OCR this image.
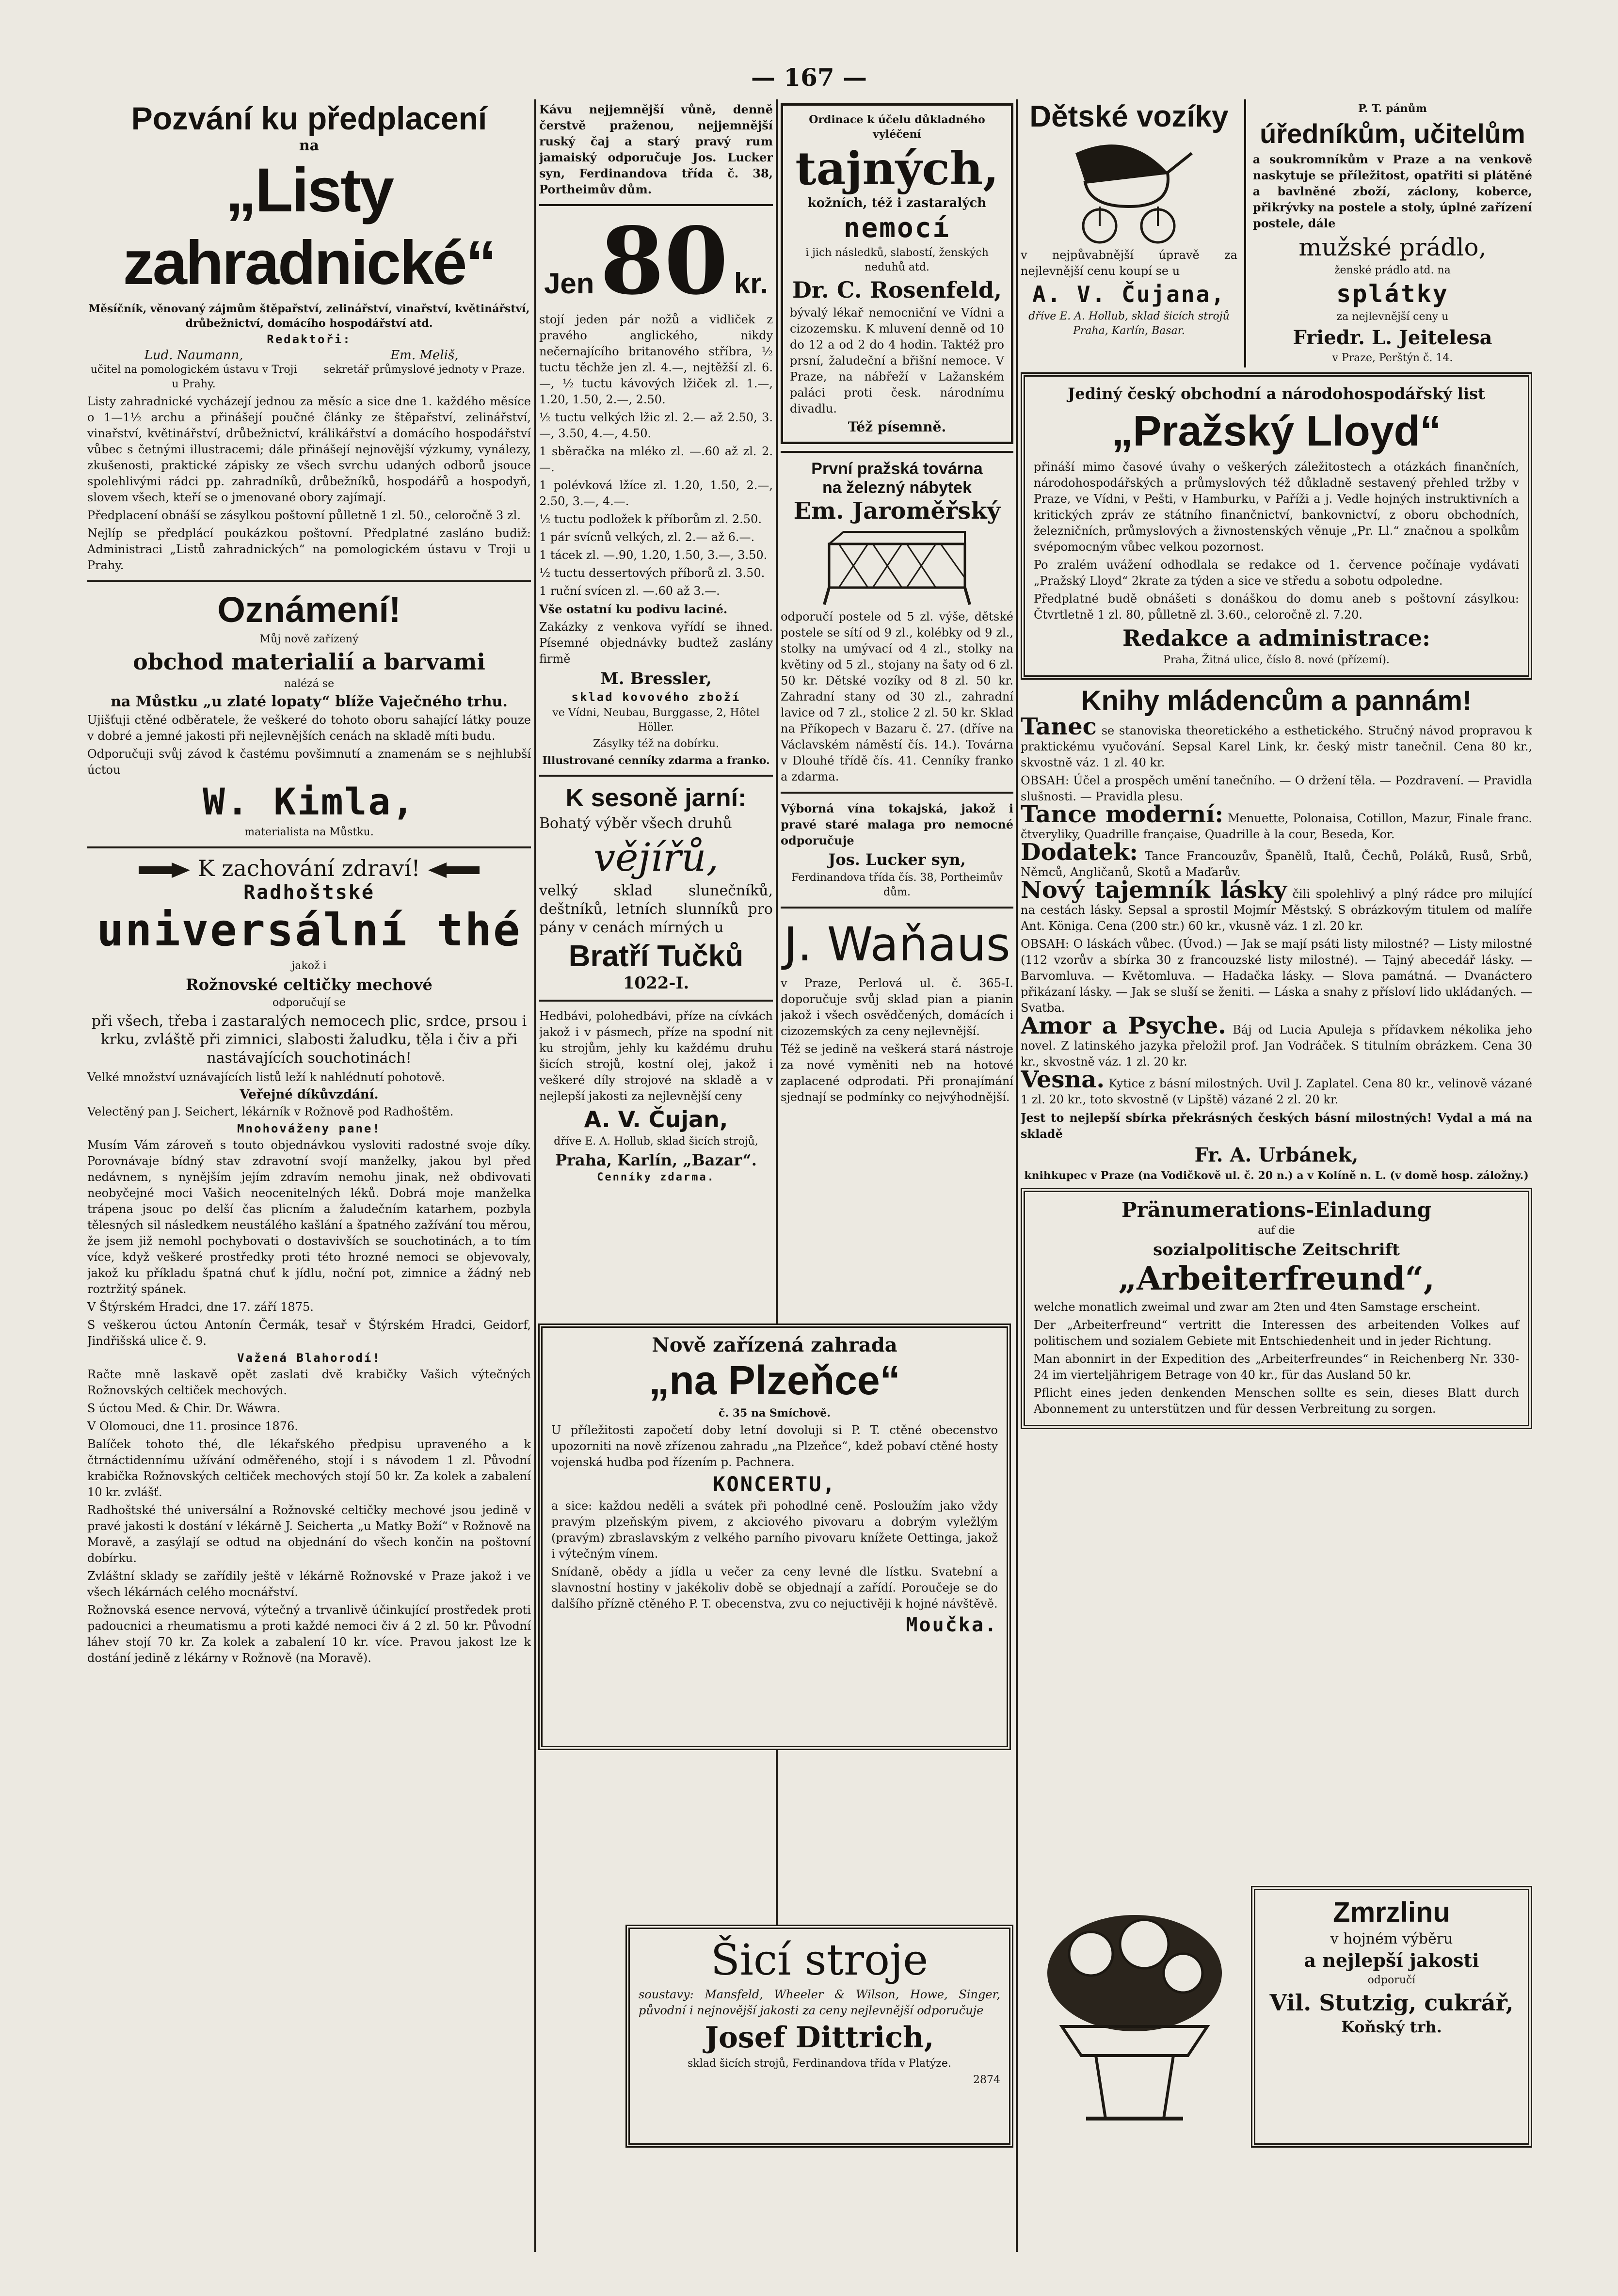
— 167 —
Pozvání ku předplacení
na
„Listy zahradnické“

Měsíčník, věnovaný zájmům štěpařství, zelinářství, vinařství, květinářství, drůbežnictví, domácího hospodářství atd.

Redaktoři:

Lud. Naumann,
učitel na pomologickém ústavu v Troji u Prahy.
Em. Meliš,
sekretář průmyslové jednoty v Praze.

Listy zahradnické vycházejí jednou za měsíc a sice dne 1. každého měsíce o 1—1½ archu a přinášejí poučné články ze štěpařství, zelinářství, vinařství, květinářství, drůbežnictví, králikářství a domácího hospodářství vůbec s četnými illustracemi; dále přinášejí nejnovější výzkumy, vynálezy, zkušenosti, praktické zápisky ze všech svrchu udaných odborů jsouce spolehlivými rádci pp. zahradníků, drůbežníků, hospodářů a hospodyň, slovem všech, kteří se o jmenované obory zajímají.

Předplacení obnáší se zásylkou poštovní půlletně 1 zl. 50., celoročně 3 zl.

Nejlíp se předplácí poukázkou poštovní. Předplatné zasláno budiž: Administraci „Listů zahradnických“ na pomologickém ústavu v Troji u Prahy.

Oznámení!

Můj nově zařízený

obchod materialií a barvami

nalézá se

na Můstku „u zlaté lopaty“ blíže Vaječného trhu.

Ujišťuji ctěné odběratele, že veškeré do tohoto oboru sahající látky pouze v dobré a jemné jakosti při nejlevnějších cenách na skladě míti budu.

Odporučuji svůj závod k častému povšimnutí a znamenám se s nejhlubší úctou

W. Kimla,

materialista na Můstku.

K zachování zdraví!
Radhoštské
universální thé

jakož i

Rožnovské celtičky mechové

odporučují se

při všech, třeba i zastaralých nemocech plic, srdce, prsou i krku, zvláště při zimnici, slabosti žaludku, těla i čiv a při nastávajících souchotinách!

Velké množství uznávajících listů leží k nahlédnutí pohotově.

Veřejné díkůvzdání.

Velectěný pan J. Seichert, lékárník v Rožnově pod Radhoštěm.

Mnohováženy pane!

Musím Vám zároveň s touto objednávkou vysloviti radostné svoje díky. Porovnávaje bídný stav zdravotní svojí manželky, jakou byl před nedávnem, s nynějším jejím zdravím nemohu jinak, než obdivovati neobyčejné moci Vašich neocenitelných léků. Dobrá moje manželka trápena jsouc po delší čas plicním a žaludečním katarhem, pozbyla tělesných sil následkem neustálého kašlání a špatného zažívání tou měrou, že jsem již nemohl pochybovati o dostavivších se souchotinách, a to tím více, když veškeré prostředky proti této hrozné nemoci se objevovaly, jakož ku příkladu špatná chuť k jídlu, noční pot, zimnice a žádný neb roztržitý spánek.

V Štýrském Hradci, dne 17. září 1875.

S veškerou úctou Antonín Čermák, tesař v Štýrském Hradci, Geidorf, Jindřišská ulice č. 9.

Važená Blahorodí!

Račte mně laskavě opět zaslati dvě krabičky Vašich výtečných Rožnovských celtiček mechových.

S úctou Med. & Chir. Dr. Wáwra.

V Olomouci, dne 11. prosince 1876.

Balíček tohoto thé, dle lékařského předpisu upraveného a k čtrnáctidennímu užívání odměřeného, stojí i s návodem 1 zl. Původní krabička Rožnovských celtiček mechových stojí 50 kr. Za kolek a zabalení 10 kr. zvlášť.

Radhoštské thé universální a Rožnovské celtičky mechové jsou jedině v pravé jakosti k dostání v lékárně J. Seicherta „u Matky Boží“ v Rožnově na Moravě, a zasýlají se odtud na objednání do všech končin na poštovní dobírku.

Zvláštní sklady se zařídily ještě v lékárně Rožnovské v Praze jakož i ve všech lékárnách celého mocnářství.

Rožnovská esence nervová, výtečný a trvanlivě účinkující prostředek proti padoucnici a rheumatismu a proti každé nemoci čiv á 2 zl. 50 kr. Původní láhev stojí 70 kr. Za kolek a zabalení 10 kr. více. Pravou jakost lze k dostání jedině z lékárny v Rožnově (na Moravě).

Kávu nejjemnější vůně, denně čerstvě praženou, nejjemnější ruský čaj a starý pravý rum jamaiský odporučuje Jos. Lucker syn, Ferdinandova třída č. 38, Portheimův dům.

Jen 80 kr.

stojí jeden pár nožů a vidliček z pravého anglického, nikdy nečernajícího britanového stříbra, ½ tuctu těchže jen zl. 4.—, nejtěžší zl. 6.—, ½ tuctu kávových lžiček zl. 1.—, 1.20, 1.50, 2.—, 2.50.

½ tuctu velkých lžic zl. 2.— až 2.50, 3.—, 3.50, 4.—, 4.50.

1 sběračka na mléko zl. —.60 až zl. 2.—.

1 polévková lžíce zl. 1.20, 1.50, 2.—, 2.50, 3.—, 4.—.

½ tuctu podložek k příborům zl. 2.50.

1 pár svícnů velkých, zl. 2.— až 6.—.

1 tácek zl. —.90, 1.20, 1.50, 3.—, 3.50.

½ tuctu dessertových příborů zl. 3.50.

1 ruční svícen zl. —.60 až 3.—.

Vše ostatní ku podivu laciné.

Zakázky z venkova vyřídí se ihned. Písemné objednávky budtež zaslány firmě

M. Bressler,

sklad kovového zboží

ve Vídni, Neubau, Burggasse, 2, Hôtel Höller.

Zásylky též na dobírku.

Illustrované cenníky zdarma a franko.

K sesoně jarní:

Bohatý výběr všech druhů

vějířů,

velký sklad slunečníků, deštníků, letních slunníků pro pány v cenách mírných u

Bratří Tučků
1022-I.

Hedbávi, polohedbávi, příze na cívkách jakož i v pásmech, příze na spodní nit ku strojům, jehly ku každému druhu šicích strojů, kostní olej, jakož i veškeré díly strojové na skladě a v nejlepší jakosti za nejlevnější ceny

A. V. Čujan,

dříve E. A. Hollub, sklad šicích strojů,

Praha, Karlín, „Bazar“.

Cenníky zdarma.

Ordinace k účelu důkladného vyléčení

tajných,

kožních, též i zastaralých

nemocí

i jich následků, slabostí, ženských neduhů atd.

Dr. C. Rosenfeld,

bývalý lékař nemocniční ve Vídni a cizozemsku. K mluvení denně od 10 do 12 a od 2 do 4 hodin. Taktéž pro prsní, žaludeční a břišní nemoce. V Praze, na nábřeží v Lažanském paláci proti česk. národnímu divadlu.

Též písemně.

První pražská továrna
na železný nábytek
Em. Jaroměřský

odporučí postele od 5 zl. výše, dětské postele se sítí od 9 zl., kolébky od 9 zl., stolky na umývací od 4 zl., stolky na květiny od 5 zl., stojany na šaty od 6 zl. 50 kr. Dětské vozíky od 8 zl. 50 kr. Zahradní stany od 30 zl., zahradní lavice od 7 zl., stolice 2 zl. 50 kr. Sklad na Příkopech v Bazaru č. 27. (dříve na Václavském náměstí čís. 14.). Továrna v Dlouhé třídě čís. 41. Cenníky franko a zdarma.

Výborná vína tokajská, jakož i pravé staré malaga pro nemocné odporučuje

Jos. Lucker syn,

Ferdinandova třída čís. 38, Portheimův dům.

J. Waňaus

v Praze, Perlová ul. č. 365-I. doporučuje svůj sklad pian a pianin jakož i všech osvědčených, domácích i cizozemských za ceny nejlevnější.

Též se jedině na veškerá stará nástroje za nové vyměniti neb na hotové zaplacené odprodati. Při pronajímání sjednají se podmínky co nejvýhodnější.

Dětské vozíky

v nejpůvabnější úpravě za nejlevnější cenu koupí se u

A. V. Čujana,

dříve E. A. Hollub, sklad šicích strojů Praha, Karlín, Basar.

P. T. pánům

úředníkům, učitelům

a soukromníkům v Praze a na venkově naskytuje se příležitost, opatřiti si plátěné a bavlněné zboží, záclony, koberce, přikrývky na postele a stoly, úplné zařízení postele, dále

mužské prádlo,

ženské prádlo atd. na

splátky

za nejlevnější ceny u

Friedr. L. Jeitelesa

v Praze, Perštýn č. 14.

Jediný český obchodní a národohospodářský list

„Pražský Lloyd“

přináší mimo časové úvahy o veškerých záležitostech a otázkách finančních, národohospodářských a průmyslových též důkladně sestavený přehled tržby v Praze, ve Vídni, v Pešti, v Hamburku, v Paříži a j. Vedle hojných instruktivních a kritických zpráv ze státního finančnictví, bankovnictví, z oboru obchodních, železničních, průmyslových a živnostenských věnuje „Pr. Ll.“ značnou a spolkům svépomocným vůbec velkou pozornost.

Po zralém uvážení odhodlala se redakce od 1. července počínaje vydávati „Pražský Lloyd“ 2krate za týden a sice ve středu a sobotu odpoledne.

Předplatné budě obnášeti s donáškou do domu aneb s poštovní zásylkou: Čtvrtletně 1 zl. 80, půlletně zl. 3.60., celoročně zl. 7.20.

Redakce a administrace:

Praha, Žitná ulice, číslo 8. nové (přízemí).

Knihy mládencům a pannám!

Tanec se stanoviska theoretického a esthetického. Stručný návod propravou k praktickému vyučování. Sepsal Karel Link, kr. český mistr tanečnil. Cena 80 kr., skvostně váz. 1 zl. 40 kr.

OBSAH: Účel a prospěch umění tanečního. — O držení těla. — Pozdravení. — Pravidla slušnosti. — Pravidla plesu.

Tance moderní: Menuette, Polonaisa, Cotillon, Mazur, Finale franc. čtveryliky, Quadrille française, Quadrille à la cour, Beseda, Kor.

Dodatek: Tance Francouzův, Španělů, Italů, Čechů, Poláků, Rusů, Srbů, Němců, Angličanů, Skotů a Maďarův.

Nový tajemník lásky čili spolehlivý a plný rádce pro milující na cestách lásky. Sepsal a sprostil Mojmír Městský. S obrázkovým titulem od malíře Ant. Königa. Cena (200 str.) 60 kr., vkusně váz. 1 zl. 20 kr.

OBSAH: O láskách vůbec. (Úvod.) — Jak se mají psáti listy milostné? — Listy milostné (112 vzorův a sbírka 30 z francouzské listy milostné). — Tajný abecedář lásky. — Barvomluva. — Květomluva. — Hadačka lásky. — Slova památná. — Dvanáctero přikázaní lásky. — Jak se sluší se ženiti. — Láska a snahy z přísloví lido ukládaných. — Svatba.

Amor a Psyche. Báj od Lucia Apuleja s přídavkem nékolika jeho novel. Z latinského jazyka přeložil prof. Jan Vodráček. S titulním obrázkem. Cena 30 kr., skvostně váz. 1 zl. 20 kr.

Vesna. Kytice z básní milostných. Uvil J. Zaplatel. Cena 80 kr., velinově vázané 1 zl. 20 kr., toto skvostně (v Lipště) vázané 2 zl. 20 kr.

Jest to nejlepší sbírka překrásných českých básní milostných! Vydal a má na skladě

Fr. A. Urbánek,

knihkupec v Praze (na Vodičkově ul. č. 20 n.) a v Kolíně n. L. (v domě hosp. záložny.)

Pränumerations-Einladung

auf die

sozialpolitische Zeitschrift
„Arbeiterfreund“,

welche monatlich zweimal und zwar am 2ten und 4ten Samstage erscheint.

Der „Arbeiterfreund“ vertritt die Interessen des arbeitenden Volkes auf politischem und sozialem Gebiete mit Entschiedenheit und in jeder Richtung.

Man abonnirt in der Expedition des „Arbeiterfreundes“ in Reichenberg Nr. 330-24 im vierteljährigem Betrage von 40 kr., für das Ausland 50 kr.

Pflicht eines jeden denkenden Menschen sollte es sein, dieses Blatt durch Abonnement zu unterstützen und für dessen Verbreitung zu sorgen.

Nově zařízená zahrada
„na Plzeňce“

č. 35 na Smíchově.

U příležitosti započetí doby letní dovoluji si P. T. ctěné obecenstvo upozorniti na nově zřízenou zahradu „na Plzeňce“, kdež pobaví ctěné hosty vojenská hudba pod řízením p. Pachnera.

KONCERTU,

a sice: každou neděli a svátek při pohodlné ceně. Posloužím jako vždy pravým plzeňským pivem, z akciového pivovaru a dobrým vyležlým (pravým) zbraslavským z velkého parního pivovaru knížete Oettinga, jakož i výtečným vínem.

Snídaně, obědy a jídla u večer za ceny levné dle lístku. Svatební a slavnostní hostiny v jakékoliv době se objednají a zařídí. Poroučeje se do dalšího přízně ctěného P. T. obecenstva, zvu co nejuctivěji k hojné návštěvě.

Moučka.
Šicí stroje

soustavy: Mansfeld, Wheeler & Wilson, Howe, Singer, původní i nejnovější jakosti za ceny nejlevnější odporučuje

Josef Dittrich,

sklad šicích strojů, Ferdinandova třída v Platýze.

2874

Zmrzlinu

v hojném výběru

a nejlepší jakosti

odporučí

Vil. Stutzig, cukrář,

Koňský trh.
